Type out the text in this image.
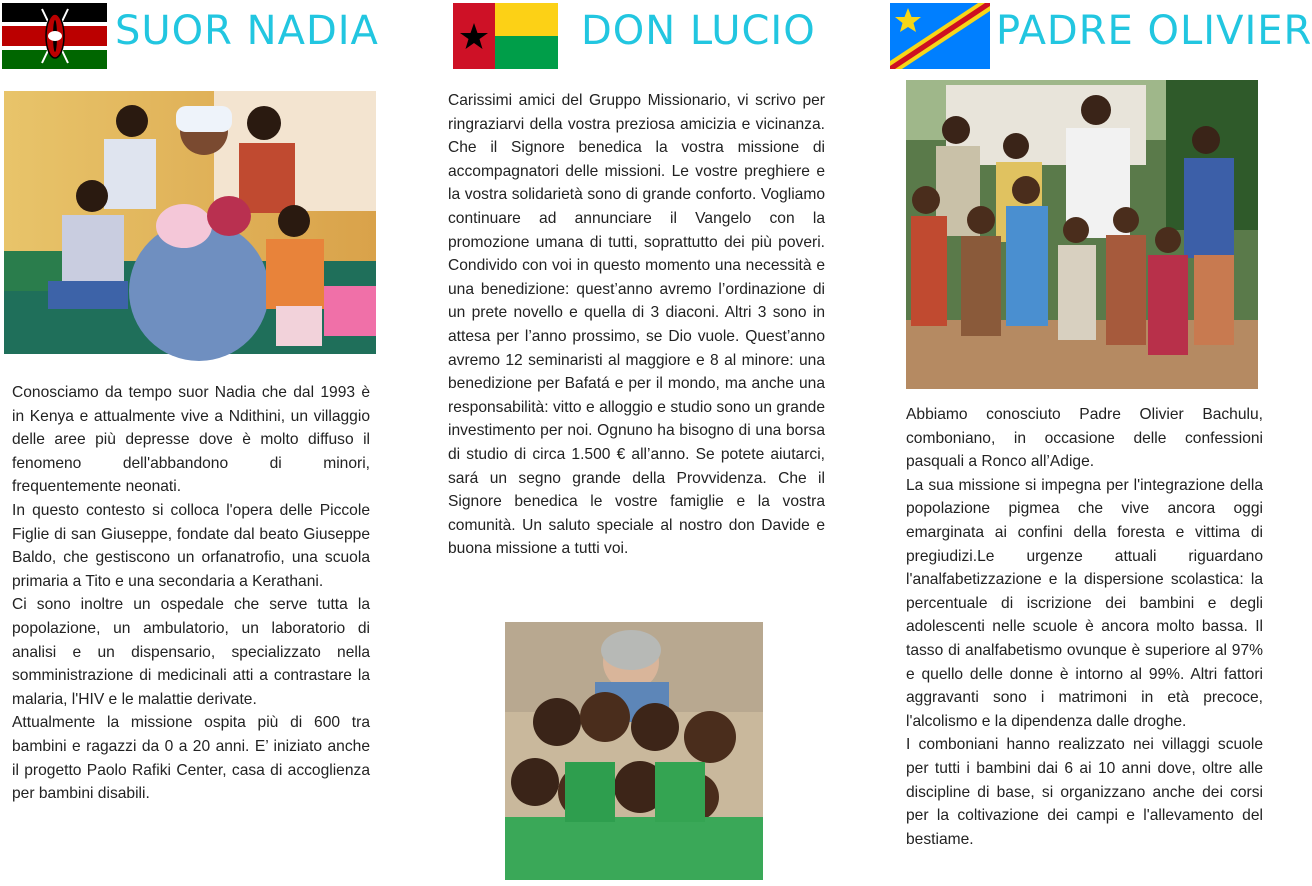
SUOR NADIA

Conosciamo da tempo suor Nadia che dal 1993 è in Kenya e attualmente vive a Ndithini, un villaggio delle aree più depresse dove è molto diffuso il fenomeno dell'abbandono di minori, frequentemente neonati.

In questo contesto si colloca l'opera delle Piccole Figlie di san Giuseppe, fondate dal beato Giuseppe Baldo, che gestiscono un orfanatrofio, una scuola primaria a Tito e una secondaria a Kerathani.

Ci sono inoltre un ospedale che serve tutta la popolazione, un ambulatorio, un laboratorio di analisi e un dispensario, specializzato nella somministrazione di medicinali atti a contrastare la malaria, l'HIV e le malattie derivate.

Attualmente la missione ospita più di 600 tra bambini e ragazzi da 0 a 20 anni. E’ iniziato anche il progetto Paolo Rafiki Center, casa di accoglienza per bambini disabili.

DON LUCIO

Carissimi amici del Gruppo Missionario, vi scrivo per ringraziarvi della vostra preziosa amicizia e vicinanza. Che il Signore benedica la vostra missione di accompagnatori delle missioni. Le vostre preghiere e la vostra solidarietà sono di grande conforto. Vogliamo continuare ad annunciare il Vangelo con la promozione umana di tutti, soprattutto dei più poveri. Condivido con voi in questo momento una necessità e una benedizione: quest’anno avremo l’ordinazione di un prete novello e quella di 3 diaconi. Altri 3 sono in attesa per l’anno prossimo, se Dio vuole. Quest’anno avremo 12 seminaristi al maggiore e 8 al minore: una benedizione per Bafatá e per il mondo, ma anche una responsabilità: vitto e alloggio e studio sono un grande investimento per noi. Ognuno ha bisogno di una borsa di studio di circa 1.500 € all’anno. Se potete aiutarci, sará un segno grande della Provvidenza. Che il Signore benedica le vostre famiglie e la vostra comunità. Un saluto speciale al nostro don Davide e buona missione a tutti voi.

PADRE OLIVIER

Abbiamo conosciuto Padre Olivier Bachulu, comboniano, in occasione delle confessioni pasquali a Ronco all’Adige.

La sua missione si impegna per l'integrazione della popolazione pigmea che vive ancora oggi emarginata ai confini della foresta e vittima di pregiudizi.Le urgenze attuali riguardano l'analfabetizzazione e la dispersione scolastica: la percentuale di iscrizione dei bambini e degli adolescenti nelle scuole è ancora molto bassa. Il tasso di analfabetismo ovunque è superiore al 97% e quello delle donne è intorno al 99%. Altri fattori aggravanti sono i matrimoni in età precoce, l'alcolismo e la dipendenza dalle droghe.

I comboniani hanno realizzato nei villaggi scuole per tutti i bambini dai 6 ai 10 anni dove, oltre alle discipline di base, si organizzano anche dei corsi per la coltivazione dei campi e l'allevamento del bestiame.
